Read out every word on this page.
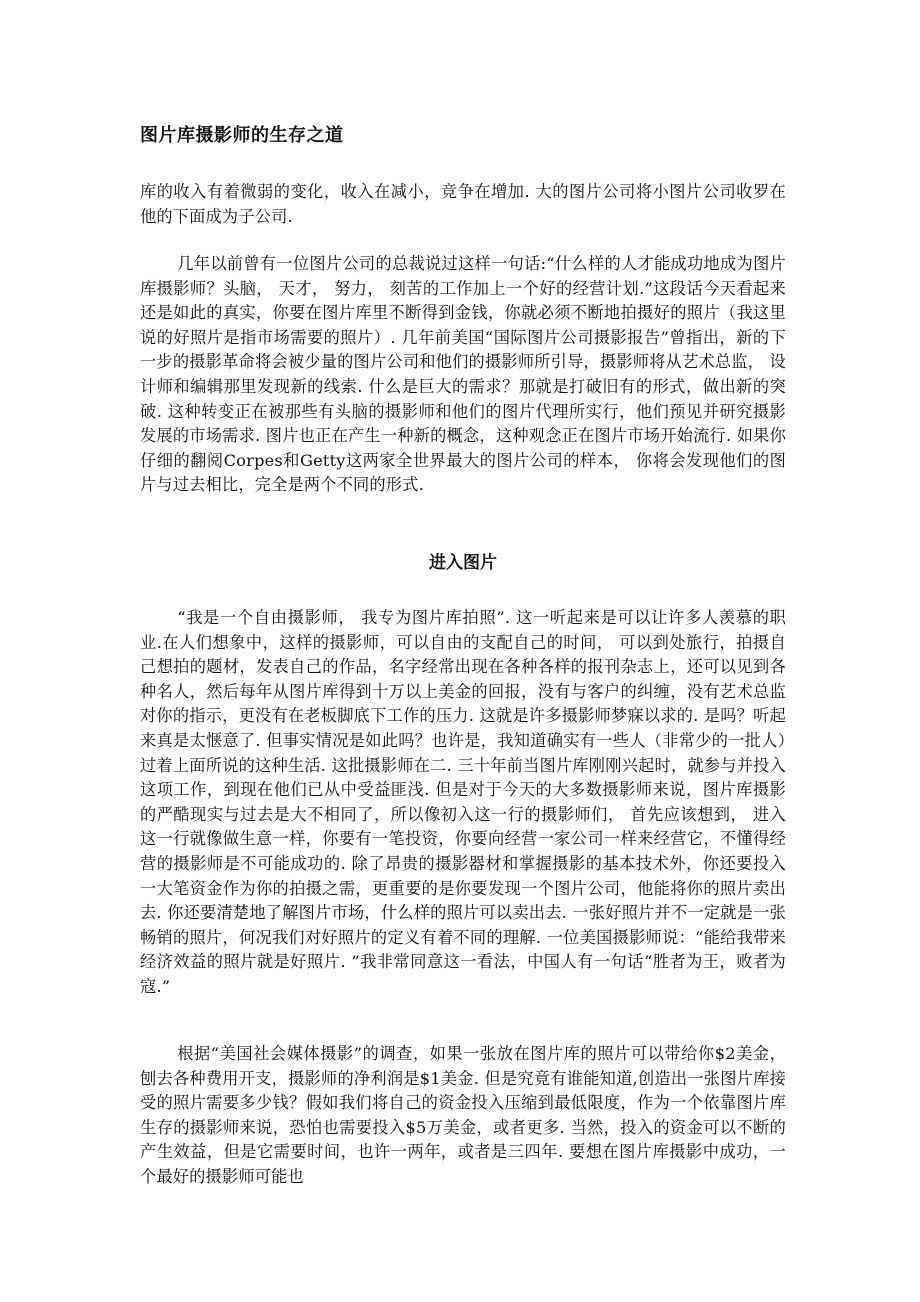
图片库摄影师的生存之道

库的收入有着微弱的变化，收入在减小，竞争在增加. 大的图片公司将小图片公司收罗在他的下面成为子公司.

几年以前曾有一位图片公司的总裁说过这样一句话:“什么样的人才能成功地成为图片库摄影师？头脑， 天才， 努力， 刻苦的工作加上一个好的经营计划.”这段话今天看起来还是如此的真实，你要在图片库里不断得到金钱，你就必须不断地拍摄好的照片（我这里说的好照片是指市场需要的照片）. 几年前美国“国际图片公司摄影报告”曾指出，新的下一步的摄影革命将会被少量的图片公司和他们的摄影师所引导，摄影师将从艺术总监， 设计师和编辑那里发现新的线索. 什么是巨大的需求？那就是打破旧有的形式，做出新的突破. 这种转变正在被那些有头脑的摄影师和他们的图片代理所实行，他们预见并研究摄影发展的市场需求. 图片也正在产生一种新的概念，这种观念正在图片市场开始流行. 如果你仔细的翻阅Corpes和Getty这两家全世界最大的图片公司的样本， 你将会发现他们的图片与过去相比，完全是两个不同的形式.

进入图片

“我是一个自由摄影师， 我专为图片库拍照”. 这一听起来是可以让许多人羡慕的职业.在人们想象中，这样的摄影师，可以自由的支配自己的时间， 可以到处旅行，拍摄自己想拍的题材，发表自己的作品，名字经常出现在各种各样的报刊杂志上，还可以见到各种名人，然后每年从图片库得到十万以上美金的回报，没有与客户的纠缠，没有艺术总监对你的指示，更没有在老板脚底下工作的压力. 这就是许多摄影师梦寐以求的. 是吗？听起来真是太惬意了. 但事实情况是如此吗？也许是，我知道确实有一些人（非常少的一批人）过着上面所说的这种生活. 这批摄影师在二. 三十年前当图片库刚刚兴起时，就参与并投入这项工作，到现在他们已从中受益匪浅. 但是对于今天的大多数摄影师来说，图片库摄影的严酷现实与过去是大不相同了，所以像初入这一行的摄影师们， 首先应该想到， 进入这一行就像做生意一样，你要有一笔投资，你要向经营一家公司一样来经营它，不懂得经营的摄影师是不可能成功的. 除了昂贵的摄影器材和掌握摄影的基本技术外，你还要投入一大笔资金作为你的拍摄之需，更重要的是你要发现一个图片公司，他能将你的照片卖出去. 你还要清楚地了解图片市场，什么样的照片可以卖出去. 一张好照片并不一定就是一张畅销的照片，何况我们对好照片的定义有着不同的理解. 一位美国摄影师说：“能给我带来经济效益的照片就是好照片. ”我非常同意这一看法，中国人有一句话“胜者为王，败者为寇.”

根据“美国社会媒体摄影”的调查，如果一张放在图片库的照片可以带给你$2美金，刨去各种费用开支，摄影师的净利润是$1美金. 但是究竟有谁能知道,创造出一张图片库接受的照片需要多少钱？假如我们将自己的资金投入压缩到最低限度，作为一个依靠图片库生存的摄影师来说，恐怕也需要投入$5万美金，或者更多. 当然，投入的资金可以不断的产生效益，但是它需要时间，也许一两年，或者是三四年. 要想在图片库摄影中成功，一个最好的摄影师可能也
